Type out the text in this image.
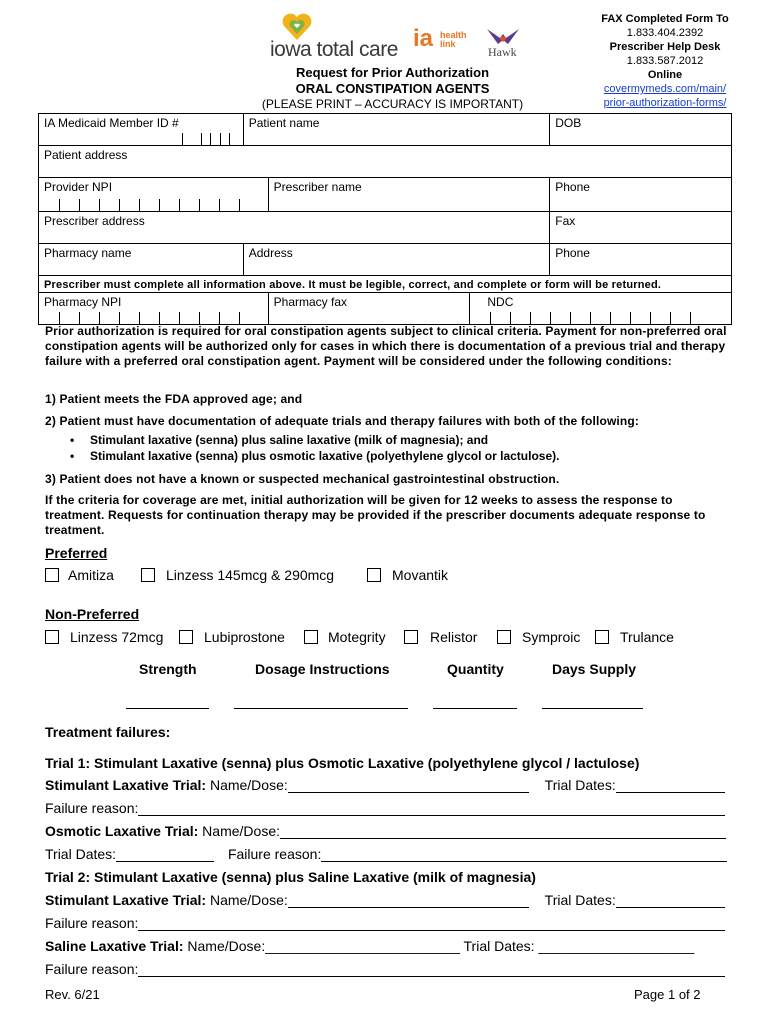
iowa total care ia health
link
Hawk
FAX Completed Form To
1.833.404.2392
Prescriber Help Desk
1.833.587.2012
Online
covermymeds.com/main/
prior-authorization-forms/
Request for Prior Authorization
ORAL CONSTIPATION AGENTS
(PLEASE PRINT – ACCURACY IS IMPORTANT)
IA Medicaid Member ID #	Patient name			DOB
Patient address				
Provider NPI		Prescriber name		Phone
Prescriber address				Fax
Pharmacy name	Address			Phone
Prescriber must complete all information above. It must be legible, correct, and complete or form will be returned.				
Pharmacy NPI		Pharmacy fax	NDC	
Prior authorization is required for oral constipation agents subject to clinical criteria. Payment for non-preferred oral constipation agents will be authorized only for cases in which there is documentation of a previous trial and therapy failure with a preferred oral constipation agent. Payment will be considered under the following conditions:
1) Patient meets the FDA approved age; and
2) Patient must have documentation of adequate trials and therapy failures with both of the following:
• Stimulant laxative (senna) plus saline laxative (milk of magnesia); and
• Stimulant laxative (senna) plus osmotic laxative (polyethylene glycol or lactulose).
3) Patient does not have a known or suspected mechanical gastrointestinal obstruction.
If the criteria for coverage are met, initial authorization will be given for 12 weeks to assess the response to treatment. Requests for continuation therapy may be provided if the prescriber documents adequate response to treatment.
Preferred
Amitiza	Linzess 145mcg & 290mcg	Movantik
Non-Preferred
Linzess 72mcg	Lubiprostone	Motegrity	Relistor	Symproic	Trulance
Strength	Dosage Instructions	Quantity	Days Supply
Treatment failures:
Trial 1: Stimulant Laxative (senna) plus Osmotic Laxative (polyethylene glycol / lactulose)
Stimulant Laxative Trial: Name/Dose:	Trial Dates:
Failure reason:
Osmotic Laxative Trial: Name/Dose:
Trial Dates:	Failure reason:
Trial 2: Stimulant Laxative (senna) plus Saline Laxative (milk of magnesia)
Stimulant Laxative Trial: Name/Dose:	Trial Dates:
Failure reason:
Saline Laxative Trial: Name/Dose:_________________________ Trial Dates: ____________________
Failure reason:
Rev. 6/21	Page 1 of 2
